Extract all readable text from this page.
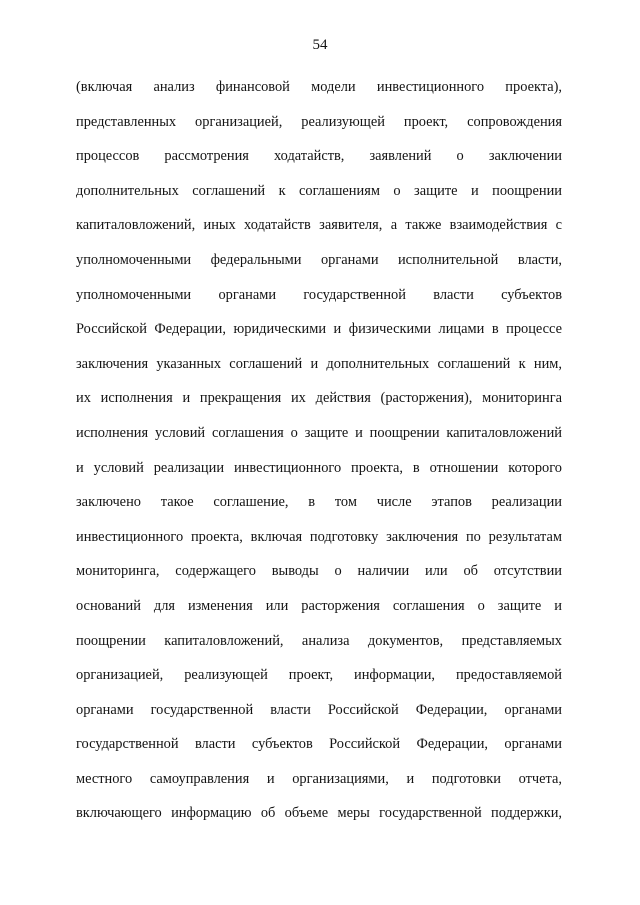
54
(включая анализ финансовой модели инвестиционного проекта),
представленных организацией, реализующей проект, сопровождения
процессов рассмотрения ходатайств, заявлений о заключении
дополнительных соглашений к соглашениям о защите и поощрении
капиталовложений, иных ходатайств заявителя, а также взаимодействия с
уполномоченными федеральными органами исполнительной власти,
уполномоченными органами государственной власти субъектов
Российской Федерации, юридическими и физическими лицами в процессе
заключения указанных соглашений и дополнительных соглашений к ним,
их исполнения и прекращения их действия (расторжения), мониторинга
исполнения условий соглашения о защите и поощрении капиталовложений
и условий реализации инвестиционного проекта, в отношении которого
заключено такое соглашение, в том числе этапов реализации
инвестиционного проекта, включая подготовку заключения по результатам
мониторинга, содержащего выводы о наличии или об отсутствии
оснований для изменения или расторжения соглашения о защите и
поощрении капиталовложений, анализа документов, представляемых
организацией, реализующей проект, информации, предоставляемой
органами государственной власти Российской Федерации, органами
государственной власти субъектов Российской Федерации, органами
местного самоуправления и организациями, и подготовки отчета,
включающего информацию об объеме меры государственной поддержки,
